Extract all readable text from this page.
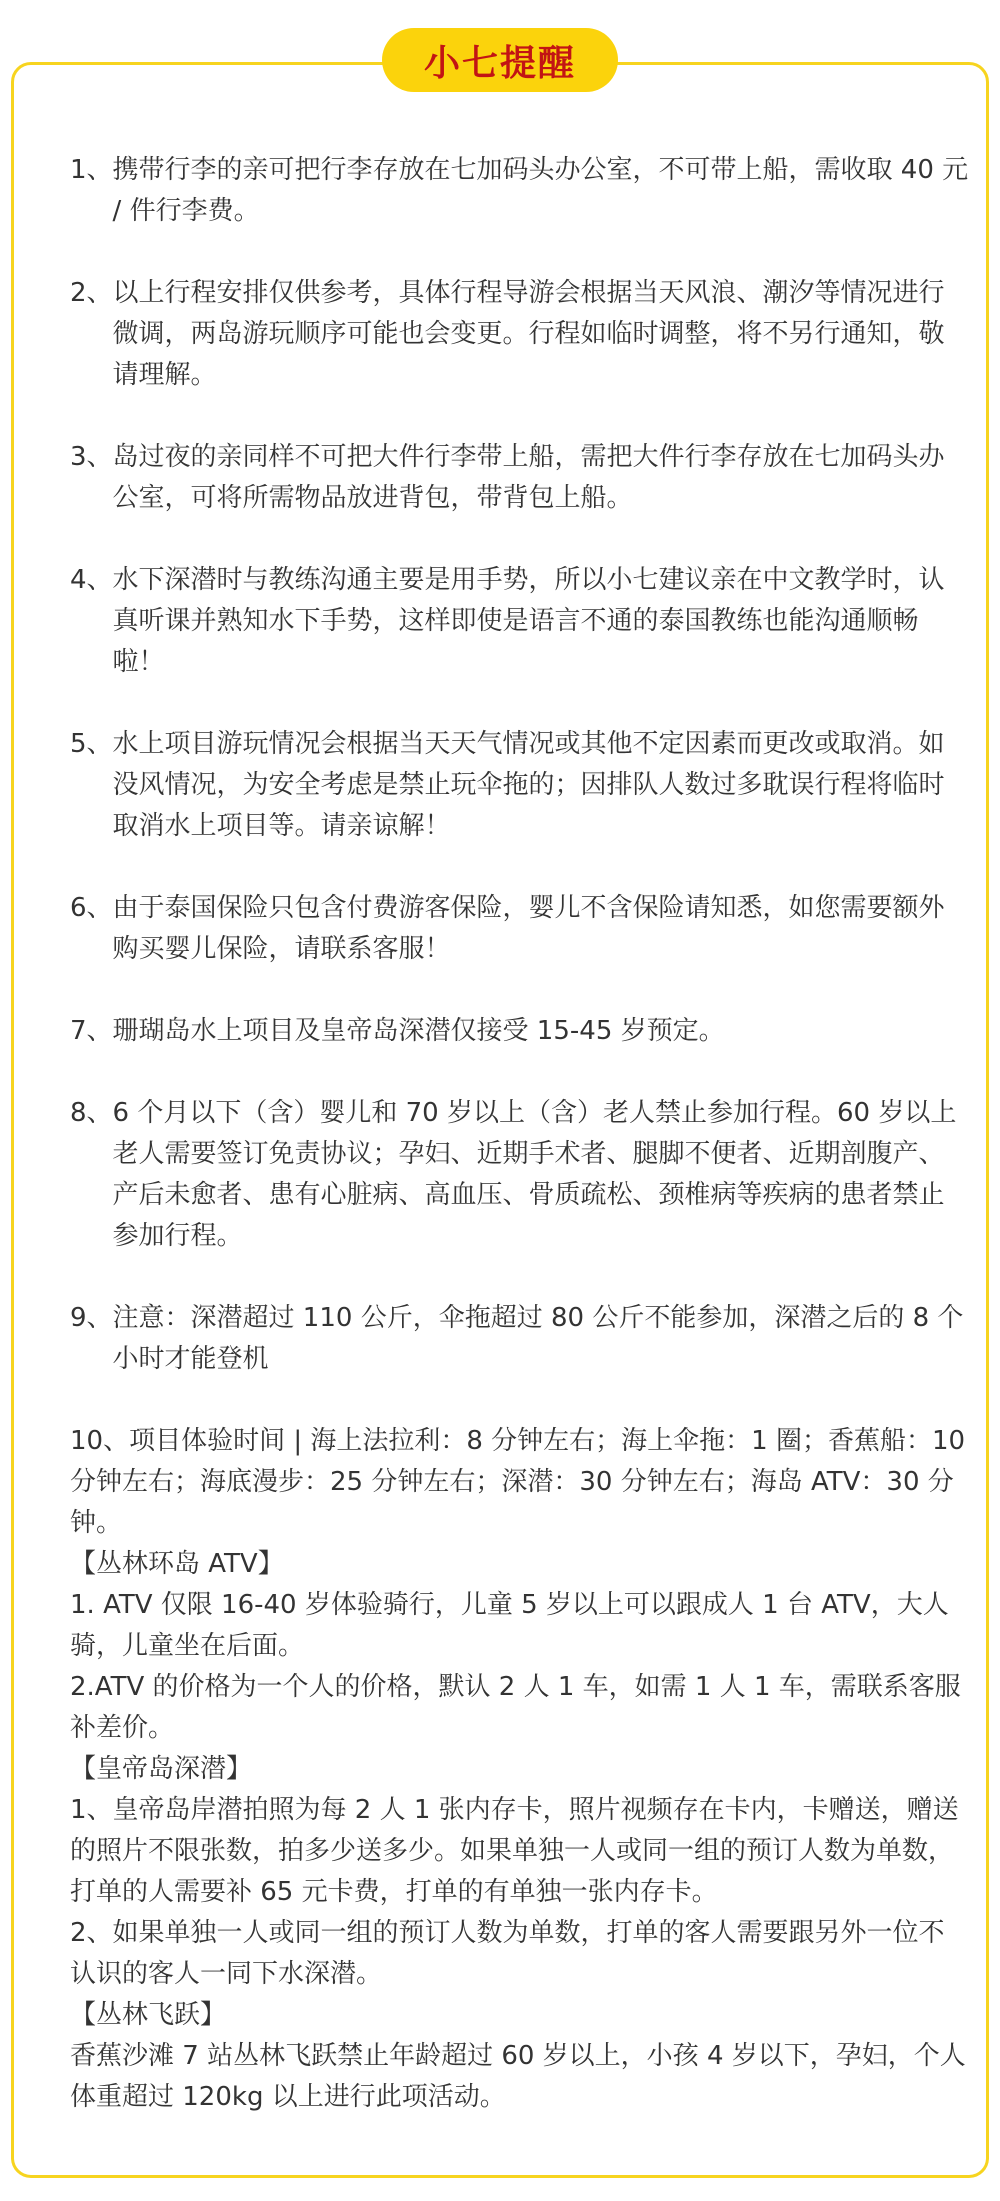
小七提醒
1、 携带行李的亲可把行李存放在七加码头办公室，不可带上船，需收取 40 元 / 件行李费。
2、 以上行程安排仅供参考，具体行程导游会根据当天风浪、潮汐等情况进行微调，两岛游玩顺序可能也会变更。行程如临时调整，将不另行通知，敬请理解。
3、 岛过夜的亲同样不可把大件行李带上船，需把大件行李存放在七加码头办公室，可将所需物品放进背包，带背包上船。
4、 水下深潜时与教练沟通主要是用手势，所以小七建议亲在中文教学时，认真听课并熟知水下手势，这样即使是语言不通的泰国教练也能沟通顺畅啦！
5、 水上项目游玩情况会根据当天天气情况或其他不定因素而更改或取消。如没风情况，为安全考虑是禁止玩伞拖的；因排队人数过多耽误行程将临时取消水上项目等。请亲谅解！
6、 由于泰国保险只包含付费游客保险，婴儿不含保险请知悉，如您需要额外购买婴儿保险，请联系客服！
7、 珊瑚岛水上项目及皇帝岛深潜仅接受 15-45 岁预定。
8、 6 个月以下（含）婴儿和 70 岁以上（含）老人禁止参加行程。60 岁以上老人需要签订免责协议；孕妇、近期手术者、腿脚不便者、近期剖腹产、产后未愈者、患有心脏病、高血压、骨质疏松、颈椎病等疾病的患者禁止参加行程。
9、 注意：深潜超过 110 公斤，伞拖超过 80 公斤不能参加，深潜之后的 8 个小时才能登机

10、项目体验时间 | 海上法拉利：8 分钟左右；海上伞拖：1 圈；香蕉船：10 分钟左右；海底漫步：25 分钟左右；深潜：30 分钟左右；海岛 ATV：30 分钟。

【丛林环岛 ATV】

1. ATV 仅限 16-40 岁体验骑行，儿童 5 岁以上可以跟成人 1 台 ATV，大人骑，儿童坐在后面。

2.ATV 的价格为一个人的价格，默认 2 人 1 车，如需 1 人 1 车，需联系客服补差价。

【皇帝岛深潜】

1、皇帝岛岸潜拍照为每 2 人 1 张内存卡，照片视频存在卡内，卡赠送，赠送的照片不限张数，拍多少送多少。如果单独一人或同一组的预订人数为单数，打单的人需要补 65 元卡费，打单的有单独一张内存卡。

2、如果单独一人或同一组的预订人数为单数，打单的客人需要跟另外一位不认识的客人一同下水深潜。

【丛林飞跃】

香蕉沙滩 7 站丛林飞跃禁止年龄超过 60 岁以上，小孩 4 岁以下，孕妇，个人体重超过 120kg 以上进行此项活动。
